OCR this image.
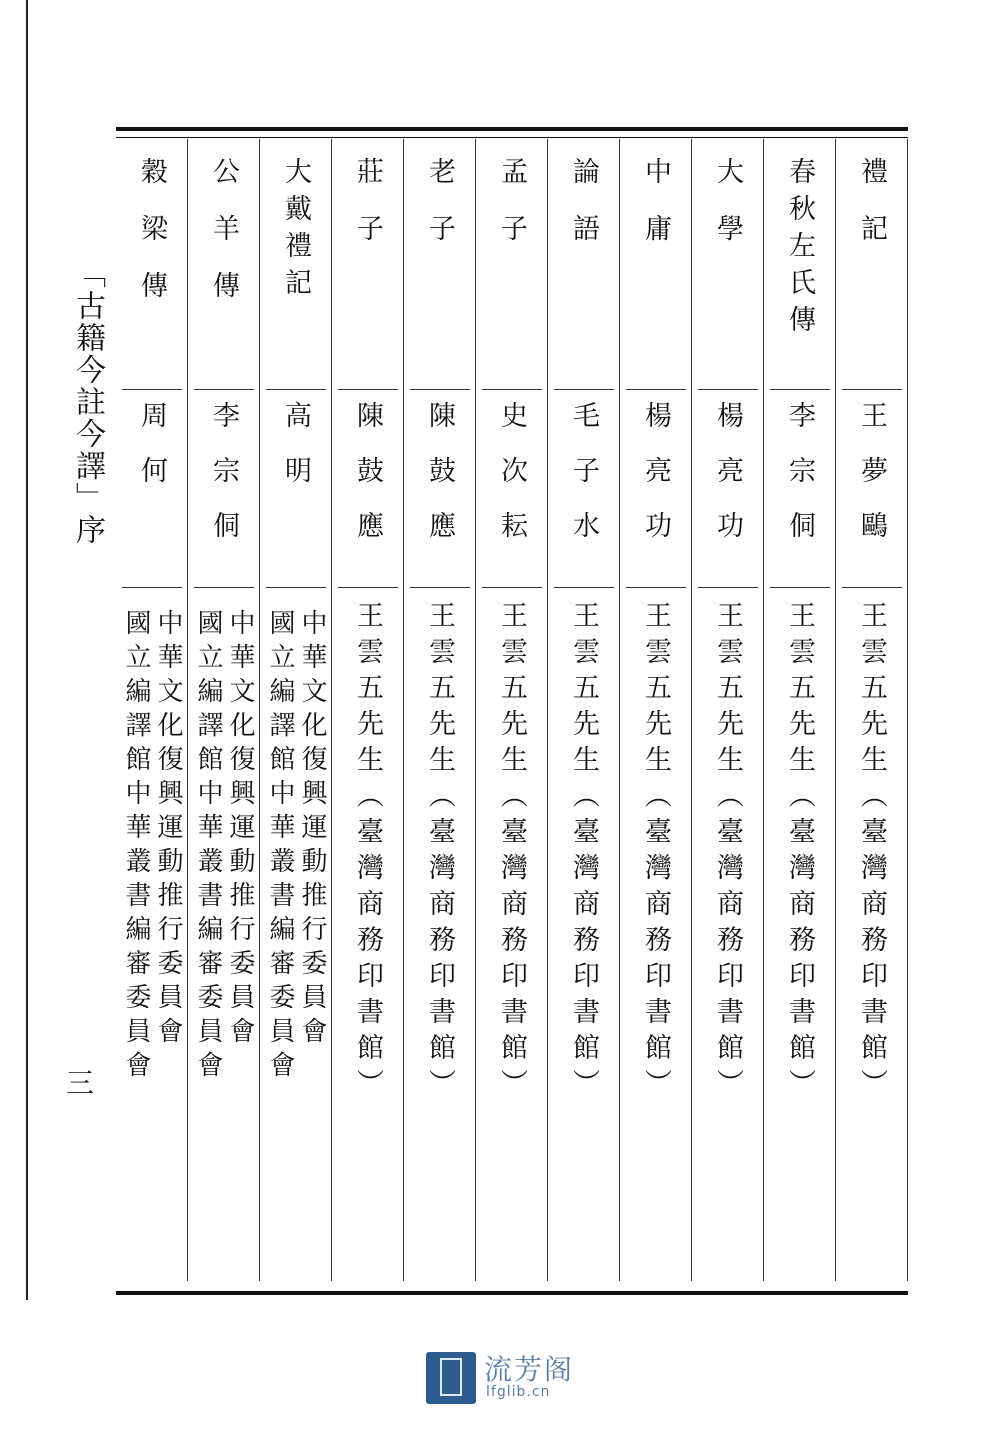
「古籍今註今譯」序
三
禮記
王夢鷗
王雲五先生（臺灣商務印書館）
春秋左氏傳
李宗侗
王雲五先生（臺灣商務印書館）
大學
楊亮功
王雲五先生（臺灣商務印書館）
中庸
楊亮功
王雲五先生（臺灣商務印書館）
論語
毛子水
王雲五先生（臺灣商務印書館）
孟子
史次耘
王雲五先生（臺灣商務印書館）
老子
陳鼓應
王雲五先生（臺灣商務印書館）
莊子
陳鼓應
王雲五先生（臺灣商務印書館）
大戴禮記
高明
中華文化復興運動推行委員會
國立編譯館中華叢書編審委員會
公羊傳
李宗侗
中華文化復興運動推行委員會
國立編譯館中華叢書編審委員會
穀梁傳
周何
中華文化復興運動推行委員會
國立編譯館中華叢書編審委員會
流芳阁
lfglib.cn
